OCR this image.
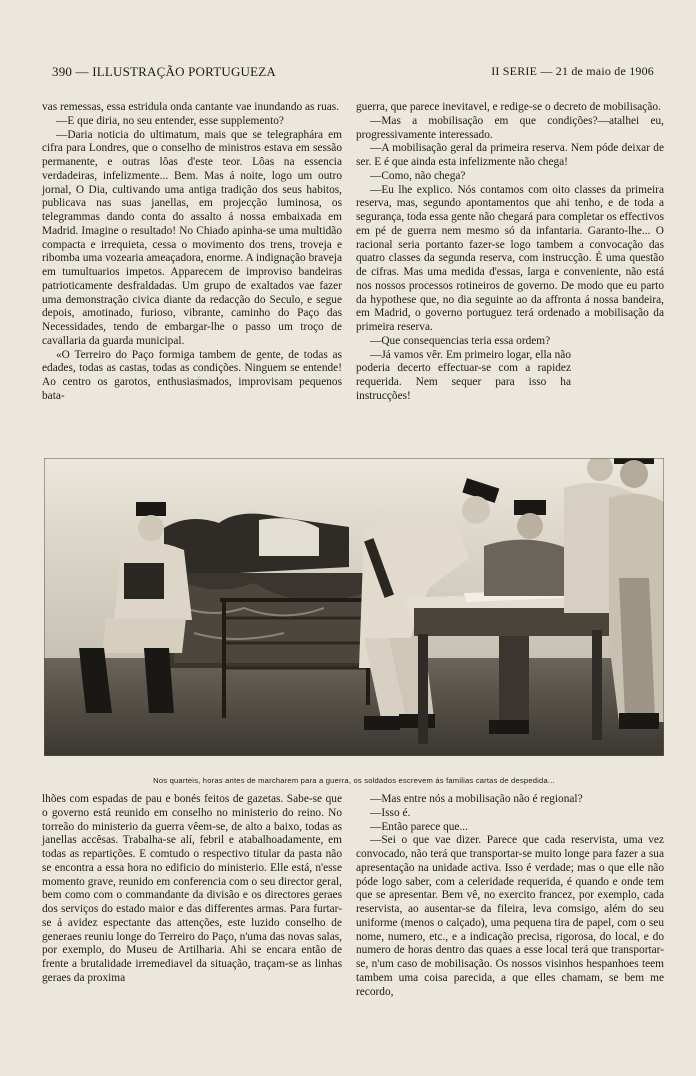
390 — ILLUSTRAÇÃO PORTUGUEZA	II SERIE — 21 de maio de 1906

vas remessas, essa estridula onda cantante vae inundando as ruas.

—E que diria, no seu entender, esse supplemento?

—Daria noticia do ultimatum, mais que se telegraphára em cifra para Londres, que o conselho de ministros estava em sessão permanente, e outras lôas d'este teor. Lôas na essencia verdadeiras, infelizmente... Bem. Mas á noite, logo um outro jornal, O Dia, cultivando uma antiga tradição dos seus habitos, publicava nas suas janellas, em projecção luminosa, os telegrammas dando conta do assalto á nossa embaixada em Madrid. Imagine o resultado! No Chiado apinha-se uma multidão compacta e irrequieta, cessa o movimento dos trens, troveja e ribomba uma vozearia ameaçadora, enorme. A indignação braveja em tumultuarios impetos. Apparecem de improviso bandeiras patrioticamente desfraldadas. Um grupo de exaltados vae fazer uma demonstração civica diante da redacção do Seculo, e segue depois, amotinado, furioso, vibrante, caminho do Paço das Necessidades, tendo de embargar-lhe o passo um troço de cavallaria da guarda municipal.

«O Terreiro do Paço formiga tambem de gente, de todas as edades, todas as castas, todas as condições. Ninguem se entende! Ao centro os garotos, enthusiasmados, improvisam pequenos bata-

guerra, que parece inevitavel, e redige-se o decreto de mobilisação.

—Mas a mobilisação em que condições?—atalhei eu, progressivamente interessado.

—A mobilisação geral da primeira reserva. Nem póde deixar de ser. E é que ainda esta infelizmente não chega!

—Como, não chega?

—Eu lhe explico. Nós contamos com oito classes da primeira reserva, mas, segundo apontamentos que ahi tenho, e de toda a segurança, toda essa gente não chegará para completar os effectivos em pé de guerra nem mesmo só da infantaria. Garanto-lhe... O racional seria portanto fazer-se logo tambem a convocação das quatro classes da segunda reserva, com instrucção. É uma questão de cifras. Mas uma medida d'essas, larga e conveniente, não está nos nossos processos rotineiros de governo. De modo que eu parto da hypothese que, no dia seguinte ao da affronta á nossa bandeira, em Madrid, o governo portuguez terá ordenado a mobilisação da primeira reserva.

—Que consequencias teria essa ordem?

—Já vamos vêr. Em primeiro logar, ella não poderia decerto effectuar-se com a rapidez requerida. Nem sequer para isso ha instrucções!

Nos quarteis, horas antes de marcharem para a guerra, os soldados escrevem ás familias cartas de despedida...

lhões com espadas de pau e bonés feitos de gazetas. Sabe-se que o governo está reunido em conselho no ministerio do reino. No torreão do ministerio da guerra vêem-se, de alto a baixo, todas as janellas accêsas. Trabalha-se alí, febril e atabalhoadamente, em todas as repartições. E comtudo o respectivo titular da pasta não se encontra a essa hora no edificio do ministerio. Elle está, n'esse momento grave, reunido em conferencia com o seu director geral, bem como com o commandante da divisão e os directores geraes dos serviços do estado maior e das differentes armas. Para furtar-se á avidez espectante das attenções, este luzido conselho de generaes reuniu longe do Terreiro do Paço, n'uma das novas salas, por exemplo, do Museu de Artilharia. Ahi se encara então de frente a brutalidade irremediavel da situação, traçam-se as linhas geraes da proxima

—Mas entre nós a mobilisação não é regional?

—Isso é.

—Então parece que...

—Sei o que vae dizer. Parece que cada reservista, uma vez convocado, não terá que transportar-se muito longe para fazer a sua apresentação na unidade activa. Isso é verdade; mas o que elle não póde logo saber, com a celeridade requerida, é quando e onde tem que se apresentar. Bem vê, no exercito francez, por exemplo, cada reservista, ao ausentar-se da fileira, leva comsigo, além do seu uniforme (menos o calçado), uma pequena tira de papel, com o seu nome, numero, etc., e a indicação precisa, rigorosa, do local, e do numero de horas dentro das quaes a esse local terá que transportar-se, n'um caso de mobilisação. Os nossos visinhos hespanhoes teem tambem uma coisa parecida, a que elles chamam, se bem me recordo,
